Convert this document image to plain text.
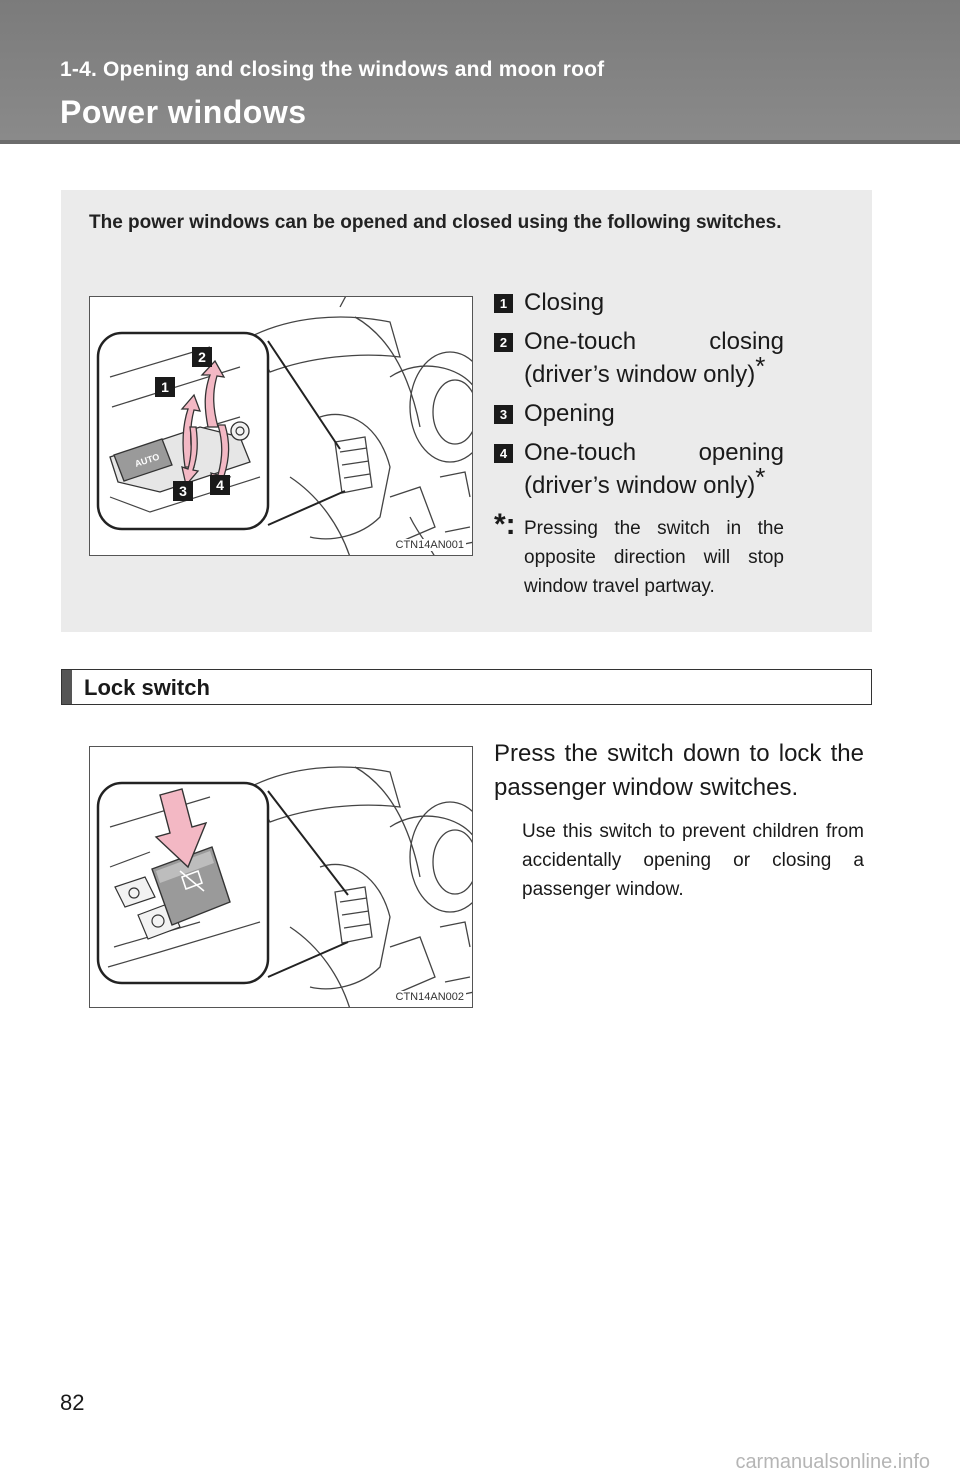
1-4. Opening and closing the windows and moon roof
Power windows
The power windows can be opened and closed using the following switches.
AUTO
1
2
3 4
CTN14AN001
1 Closing
2 One-touch closing (driver’s window only)*
3 Opening
4 One-touch opening (driver’s window only)*
*: Pressing the switch in the opposite direction will stop window travel partway.
Lock switch
CTN14AN002
Press the switch down to lock the passenger window switches.
Use this switch to prevent children from accidentally opening or closing a passenger window.
82
carmanualsonline.info
